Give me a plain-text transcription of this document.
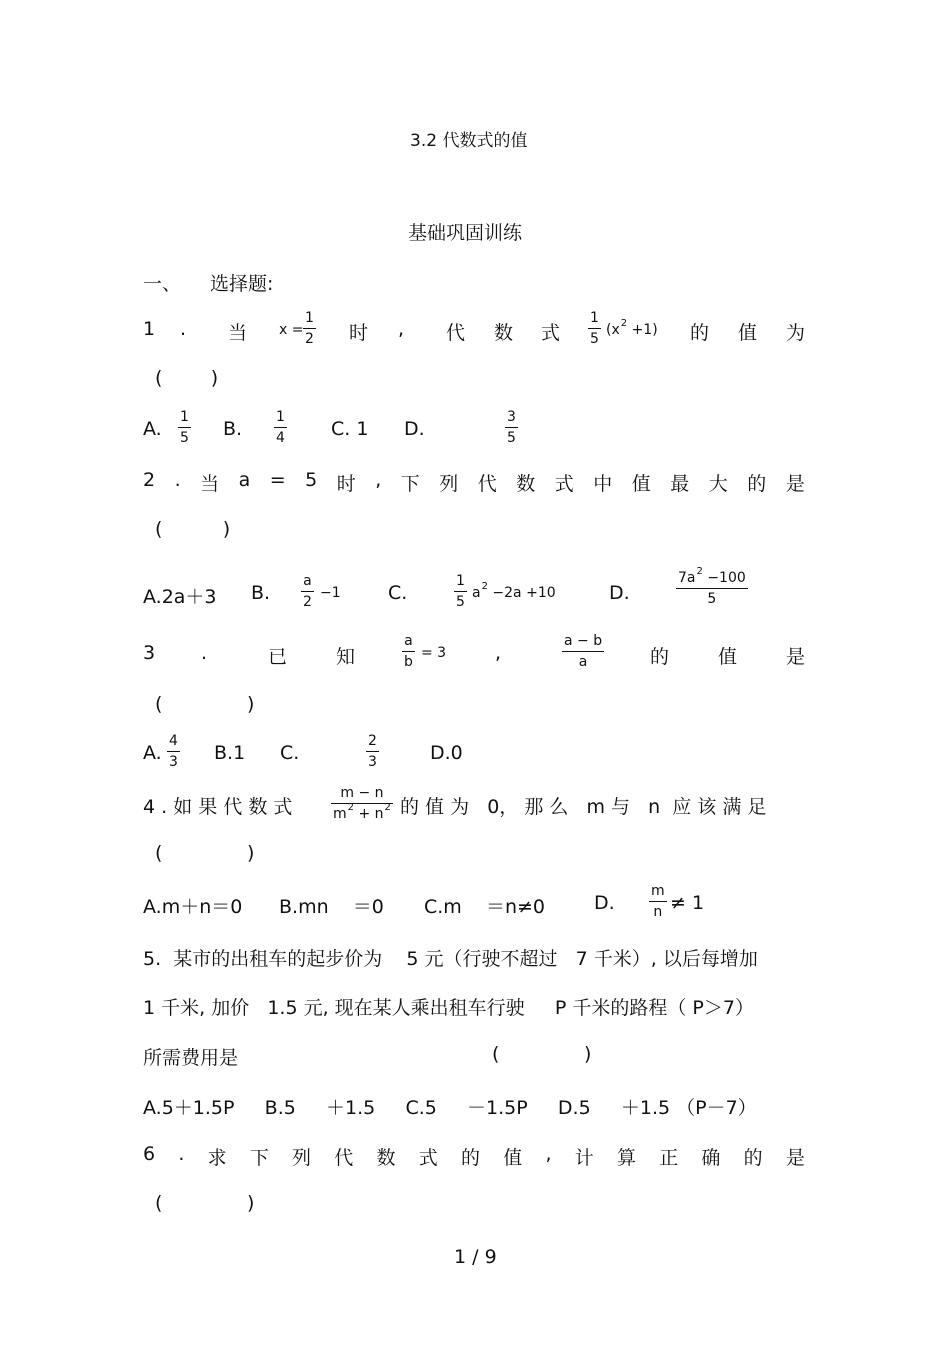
3.2 代数式的值
基础巩固训练
一、 选择题:
1 . 当 x =
1
2 时 , 代 数 式
1
5
$(x^2 +1)$ 的 值 为
(        )
A.
1
5 B.
1
4 C. 1 D.
3
5
2 . 当 a = 5 时 , 下 列 代 数 式 中 值 最 大 的 是
(          )
A.2a＋3 B.
a
2
−1 C.
1
5
$a^2 -2a +10$	D.
$7a^2 -100$
5
3 .	已	知
a
b
= 3	,
a − b
a	的	值	是
(              )
A.
4
3 B.1 C.
2
3	D.0
4 . 如 果 代 数 式
m − n
$m^2 + n^2$ 的 值 为   0， 那 么   m 与   n  应 该 满 足
(              )
A.m＋n＝0 B.mn    ＝0 C.m    ＝n≠0	D.
m
n ≠ 1
5.  某市的出租车的起步价为    5 元（行驶不超过   7 千米）, 以后每增加
1 千米, 加价   1.5 元, 现在某人乘出租车行驶     P 千米的路程（ P＞7）
所需费用是	(              )
A.5＋1.5P     B.5     ＋1.5     C.5     －1.5P     D.5     ＋1.5 （P－7）
6 . 求 下 列 代 数 式 的 值 , 计 算 正 确 的 是
(              )
1 / 9
